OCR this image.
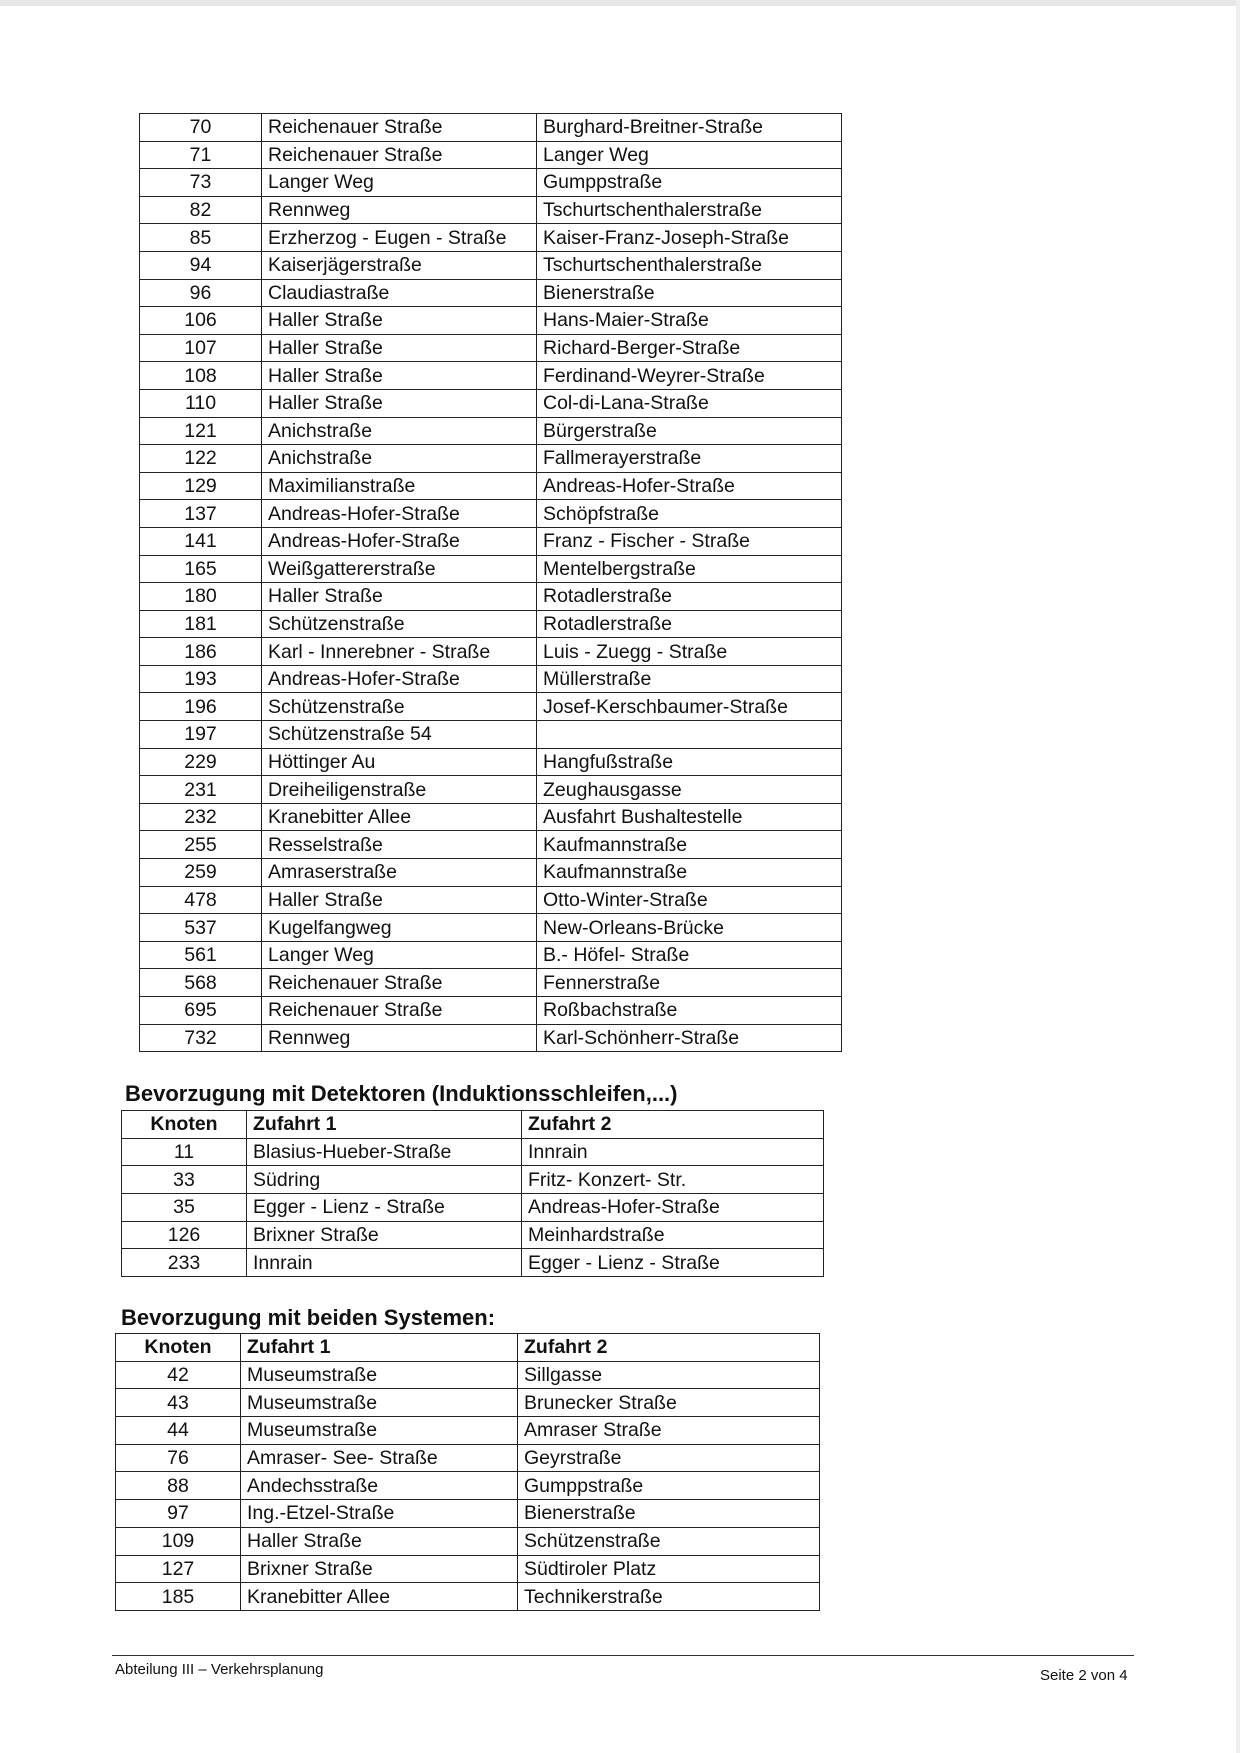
70	Reichenauer Straße	Burghard-Breitner-Straße
71	Reichenauer Straße	Langer Weg
73	Langer Weg	Gumppstraße
82	Rennweg	Tschurtschenthalerstraße
85	Erzherzog - Eugen - Straße	Kaiser-Franz-Joseph-Straße
94	Kaiserjägerstraße	Tschurtschenthalerstraße
96	Claudiastraße	Bienerstraße
106	Haller Straße	Hans-Maier-Straße
107	Haller Straße	Richard-Berger-Straße
108	Haller Straße	Ferdinand-Weyrer-Straße
110	Haller Straße	Col-di-Lana-Straße
121	Anichstraße	Bürgerstraße
122	Anichstraße	Fallmerayerstraße
129	Maximilianstraße	Andreas-Hofer-Straße
137	Andreas-Hofer-Straße	Schöpfstraße
141	Andreas-Hofer-Straße	Franz - Fischer - Straße
165	Weißgattererstraße	Mentelbergstraße
180	Haller Straße	Rotadlerstraße
181	Schützenstraße	Rotadlerstraße
186	Karl - Innerebner - Straße	Luis - Zuegg - Straße
193	Andreas-Hofer-Straße	Müllerstraße
196	Schützenstraße	Josef-Kerschbaumer-Straße
197	Schützenstraße 54	
229	Höttinger Au	Hangfußstraße
231	Dreiheiligenstraße	Zeughausgasse
232	Kranebitter Allee	Ausfahrt Bushaltestelle
255	Resselstraße	Kaufmannstraße
259	Amraserstraße	Kaufmannstraße
478	Haller Straße	Otto-Winter-Straße
537	Kugelfangweg	New-Orleans-Brücke
561	Langer Weg	B.- Höfel- Straße
568	Reichenauer Straße	Fennerstraße
695	Reichenauer Straße	Roßbachstraße
732	Rennweg	Karl-Schönherr-Straße
Bevorzugung mit Detektoren (Induktionsschleifen,...)
Knoten	Zufahrt 1	Zufahrt 2
11	Blasius-Hueber-Straße	Innrain
33	Südring	Fritz- Konzert- Str.
35	Egger - Lienz - Straße	Andreas-Hofer-Straße
126	Brixner Straße	Meinhardstraße
233	Innrain	Egger - Lienz - Straße
Bevorzugung mit beiden Systemen:
Knoten	Zufahrt 1	Zufahrt 2
42	Museumstraße	Sillgasse
43	Museumstraße	Brunecker Straße
44	Museumstraße	Amraser Straße
76	Amraser- See- Straße	Geyrstraße
88	Andechsstraße	Gumppstraße
97	Ing.-Etzel-Straße	Bienerstraße
109	Haller Straße	Schützenstraße
127	Brixner Straße	Südtiroler Platz
185	Kranebitter Allee	Technikerstraße
Abteilung III – Verkehrsplanung	Seite 2 von 4
